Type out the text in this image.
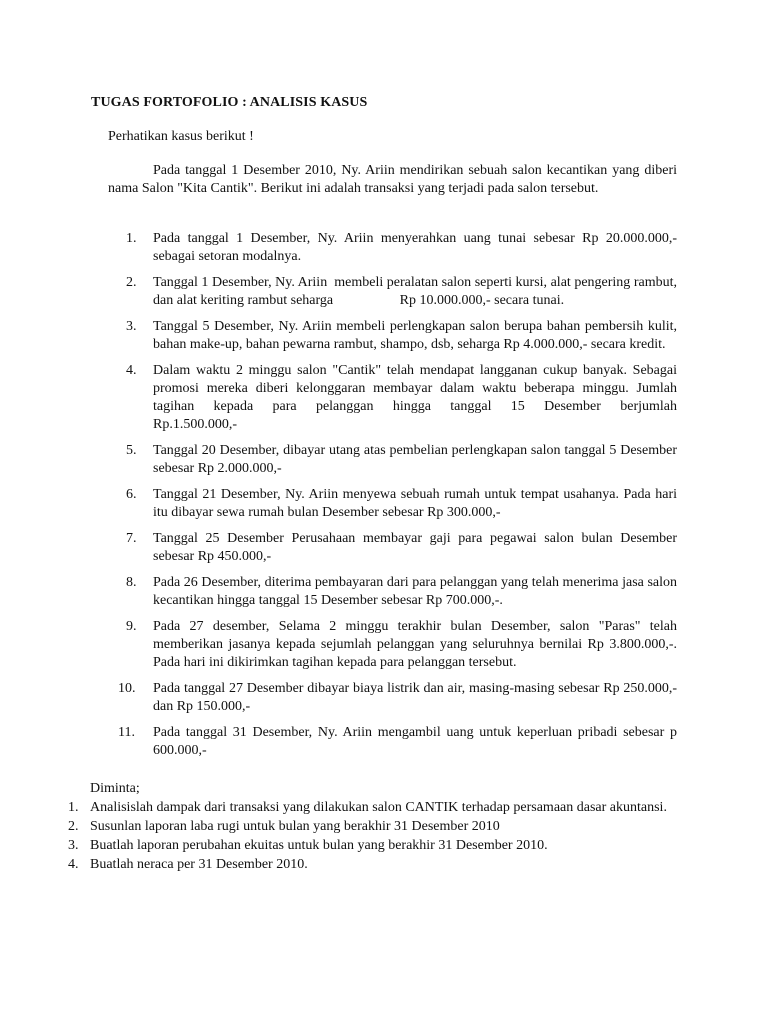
TUGAS FORTOFOLIO : ANALISIS KASUS
Perhatikan kasus berikut !
Pada tanggal 1 Desember 2010, Ny. Ariin mendirikan sebuah salon kecantikan yang diberi nama Salon "Kita Cantik". Berikut ini adalah transaksi yang terjadi pada salon tersebut.
1. Pada tanggal 1 Desember, Ny. Ariin menyerahkan uang tunai sebesar Rp 20.000.000,- sebagai setoran modalnya.
2. Tanggal 1 Desember, Ny. Ariin  membeli peralatan salon seperti kursi, alat pengering rambut, dan alat keriting rambut seharga                   Rp 10.000.000,- secara tunai.
3. Tanggal 5 Desember, Ny. Ariin membeli perlengkapan salon berupa bahan pembersih kulit, bahan make-up, bahan pewarna rambut, shampo, dsb, seharga Rp 4.000.000,- secara kredit.
4. Dalam waktu 2 minggu salon "Cantik" telah mendapat langganan cukup banyak. Sebagai promosi mereka diberi kelonggaran membayar dalam waktu beberapa minggu. Jumlah tagihan kepada para pelanggan hingga tanggal 15 Desember berjumlah                    Rp.1.500.000,-
5. Tanggal 20 Desember, dibayar utang atas pembelian perlengkapan salon tanggal 5 Desember sebesar Rp 2.000.000,-
6. Tanggal 21 Desember, Ny. Ariin menyewa sebuah rumah untuk tempat usahanya. Pada hari itu dibayar sewa rumah bulan Desember sebesar Rp 300.000,-
7. Tanggal 25 Desember Perusahaan membayar gaji para pegawai salon bulan Desember sebesar Rp 450.000,-
8. Pada 26 Desember, diterima pembayaran dari para pelanggan yang telah menerima jasa salon kecantikan hingga tanggal 15 Desember sebesar Rp 700.000,-.
9. Pada 27 desember, Selama 2 minggu terakhir bulan Desember, salon "Paras" telah memberikan jasanya kepada sejumlah pelanggan yang seluruhnya bernilai Rp 3.800.000,-. Pada hari ini dikirimkan tagihan kepada para pelanggan tersebut.
10. Pada tanggal 27 Desember dibayar biaya listrik dan air, masing-masing sebesar Rp 250.000,- dan Rp 150.000,-
11. Pada tanggal 31 Desember, Ny. Ariin mengambil uang untuk keperluan pribadi sebesar p 600.000,-
Diminta;
1. Analisislah dampak dari transaksi yang dilakukan salon CANTIK terhadap persamaan dasar akuntansi.
2. Susunlan laporan laba rugi untuk bulan yang berakhir 31 Desember 2010
3. Buatlah laporan perubahan ekuitas untuk bulan yang berakhir 31 Desember 2010.
4. Buatlah neraca per 31 Desember 2010.
